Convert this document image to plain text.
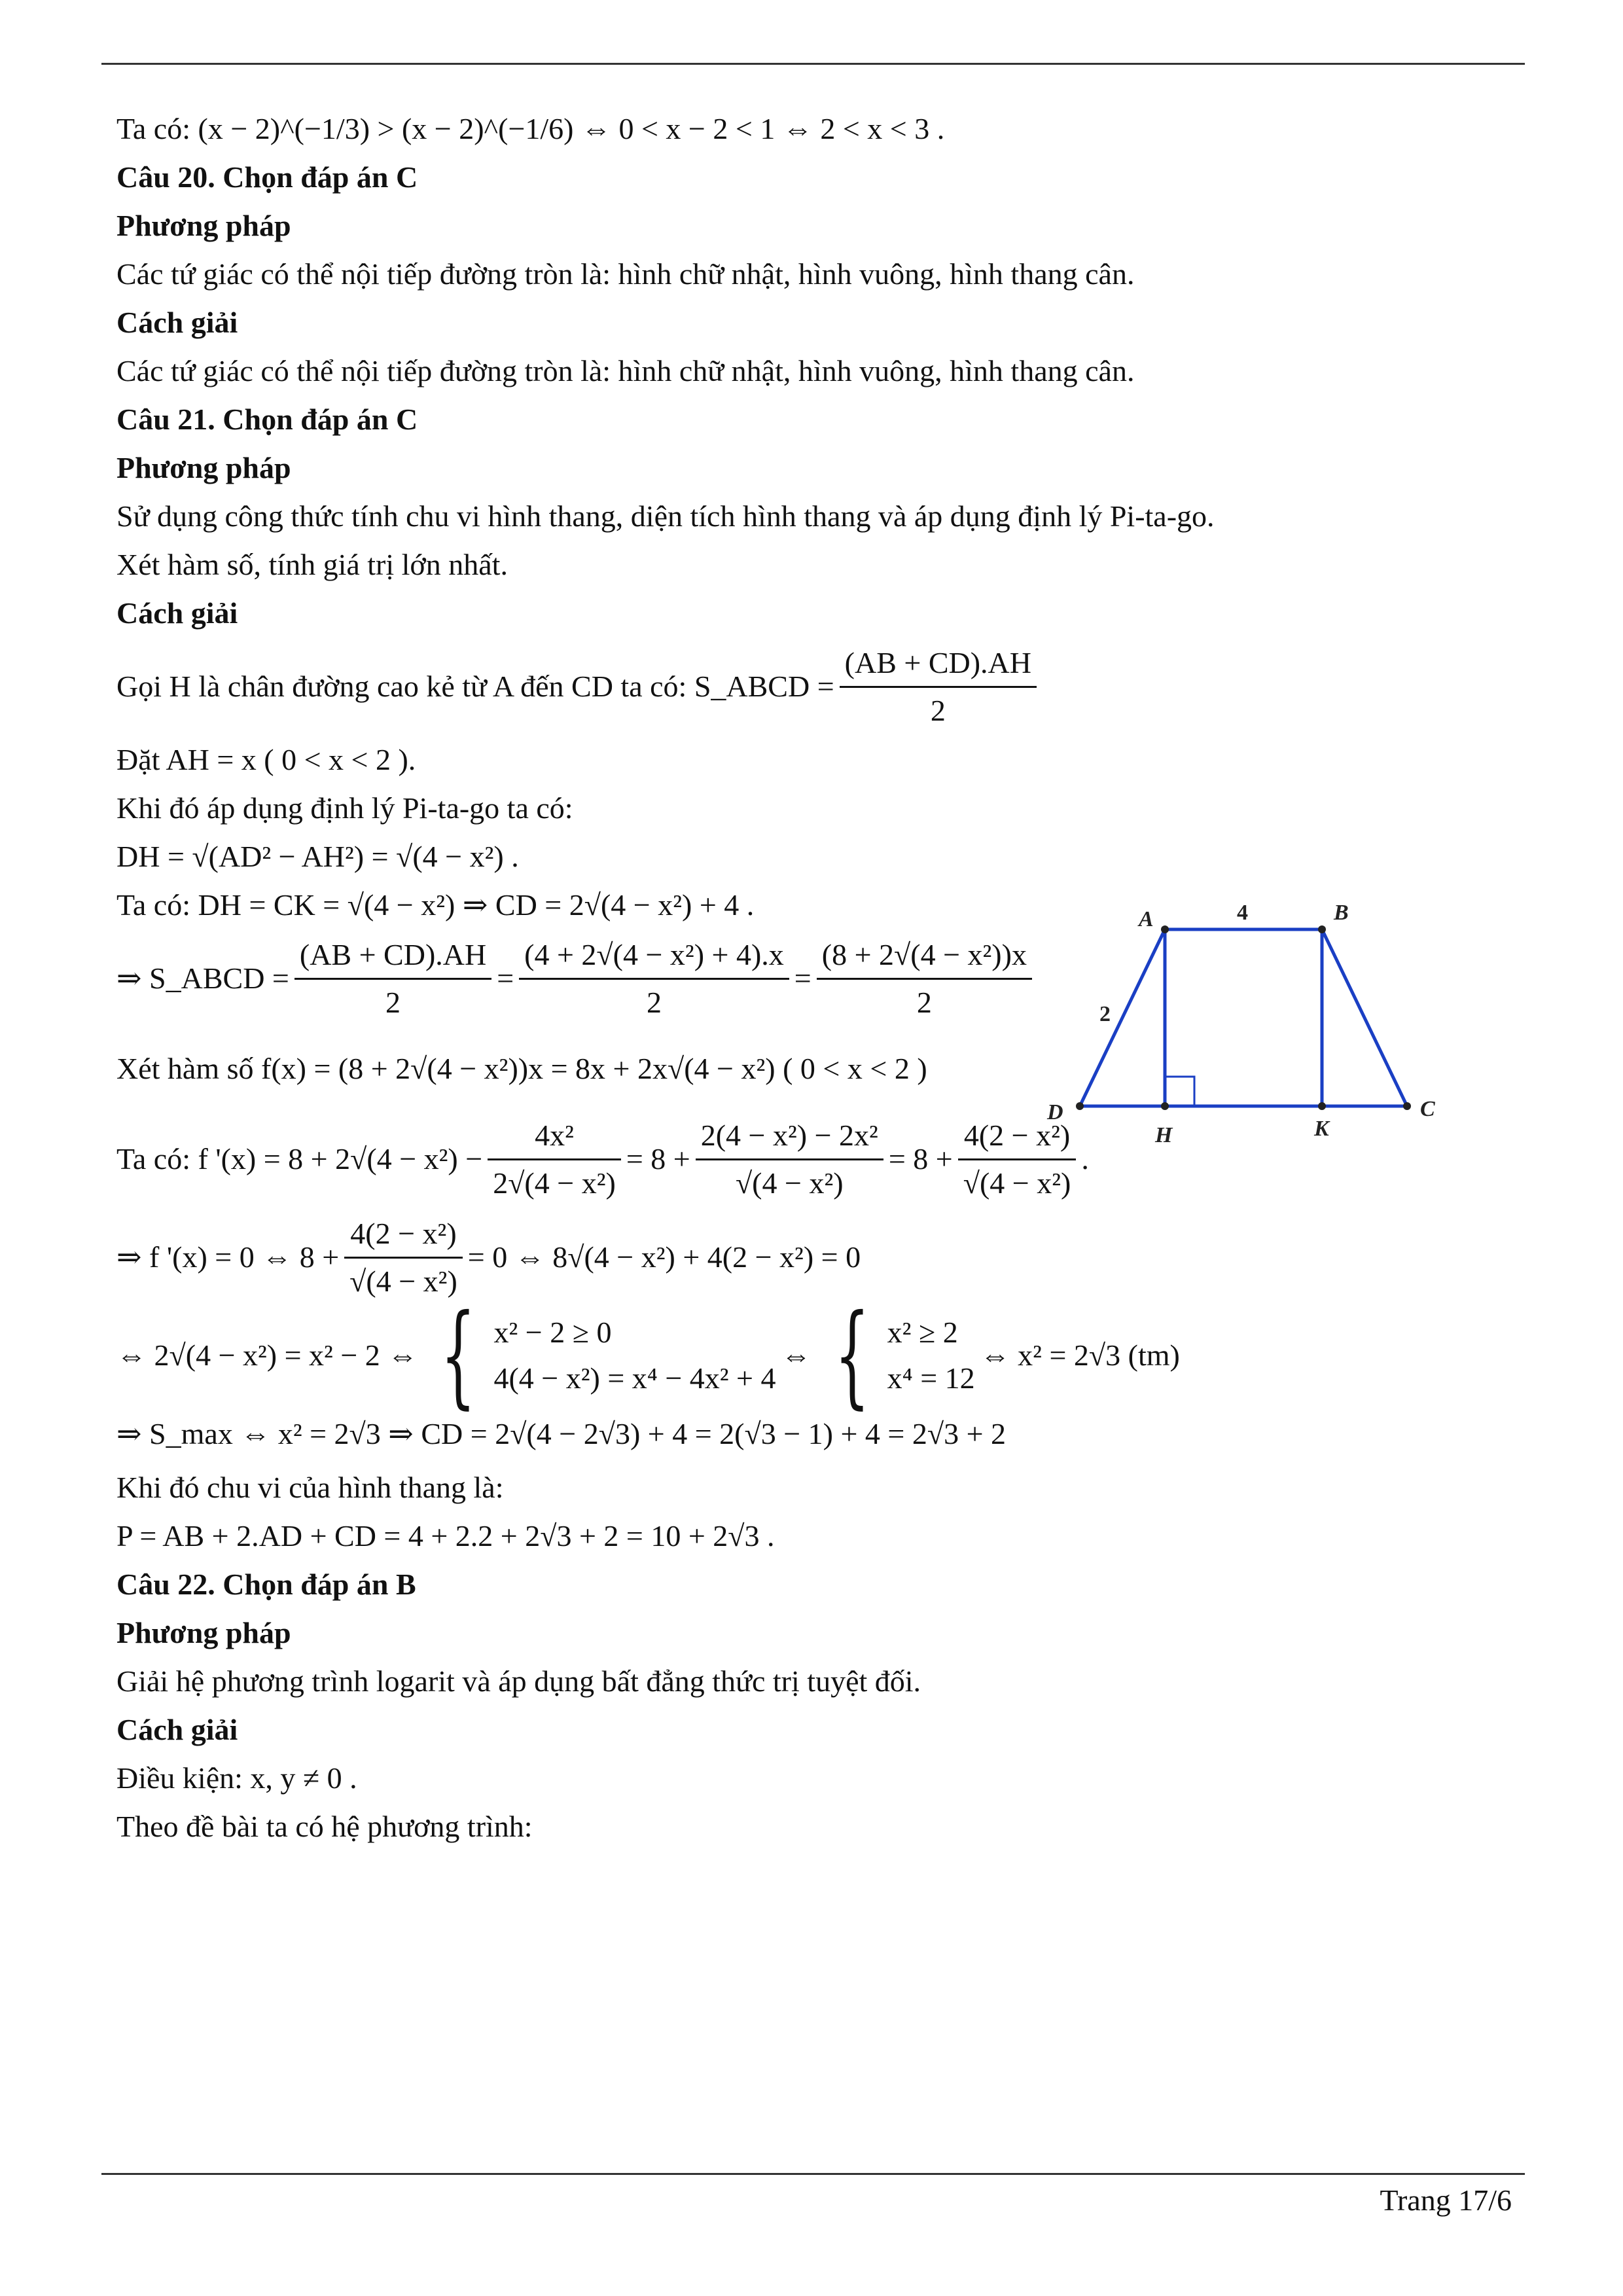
Ta có: (x − 2)^(−1/3) > (x − 2)^(−1/6) ⇔ 0 < x − 2 < 1 ⇔ 2 < x < 3 .
Câu 20. Chọn đáp án C
Phương pháp
Các tứ giác có thể nội tiếp đường tròn là: hình chữ nhật, hình vuông, hình thang cân.
Cách giải
Các tứ giác có thể nội tiếp đường tròn là: hình chữ nhật, hình vuông, hình thang cân.
Câu 21. Chọn đáp án C
Phương pháp
Sử dụng công thức tính chu vi hình thang, diện tích hình thang và áp dụng định lý Pi-ta-go.
Xét hàm số, tính giá trị lớn nhất.
Cách giải
Gọi H là chân đường cao kẻ từ A đến CD ta có: S_ABCD = $\frac{(AB + CD).AH}{2}$
Đặt AH = x ( 0 < x < 2 ).
Khi đó áp dụng định lý Pi-ta-go ta có:
DH = √(AD² − AH²) = √(4 − x²) .
Ta có: DH = CK = √(4 − x²) ⇒ CD = 2√(4 − x²) + 4 .
⇒ S_ABCD = $\frac{(AB + CD).AH}{2} = \frac{\text{(4 + 2√(4 − x²) + 4).x}}{2} = \frac{\text{(8 + 2√(4 − x²))x}}{2}$
Xét hàm số f(x) = (8 + 2√(4 − x²))x = 8x + 2x√(4 − x²) ( 0 < x < 2 )
Ta có: f '$(x) = 8 + 2√(4 - x^2) - \frac{\text{4x²}}{\text{2√(4 − x²)}} = 8 + \frac{\text{2(4 − x²) − 2x²}}{\text{√(4 − x²)}} = 8 + \frac{\text{4(2 − x²)}}{\text{√(4 − x²)}}$ .
⇒ f '(x) = 0 ⇔ $8 + \frac{\text{4(2 − x²)}}{\text{√(4 − x²)}} = 0$ ⇔ 8√(4 − x²) + 4(2 − x²) = 0
⇔ 2√(4 − x²) = x² − 2 ⇔ { x² − 2 ≥ 0
4(4 − x²) = x⁴ − 4x² + 4
⇔ { x² ≥ 2
x⁴ = 12
⇔ x² = 2√3 (tm)
⇒ S_max ⇔ x² = 2√3 ⇒ CD = 2√(4 − 2√3) + 4 = 2(√3 − 1) + 4 = 2√3 + 2
Khi đó chu vi của hình thang là:
P = AB + 2.AD + CD = 4 + 2.2 + 2√3 + 2 = 10 + 2√3 .
Câu 22. Chọn đáp án B
Phương pháp
Giải hệ phương trình logarit và áp dụng bất đẳng thức trị tuyệt đối.
Cách giải
Điều kiện: x, y ≠ 0 .
Theo đề bài ta có hệ phương trình:
A	B
C
D
H	K
4
2
Trang 17/6
